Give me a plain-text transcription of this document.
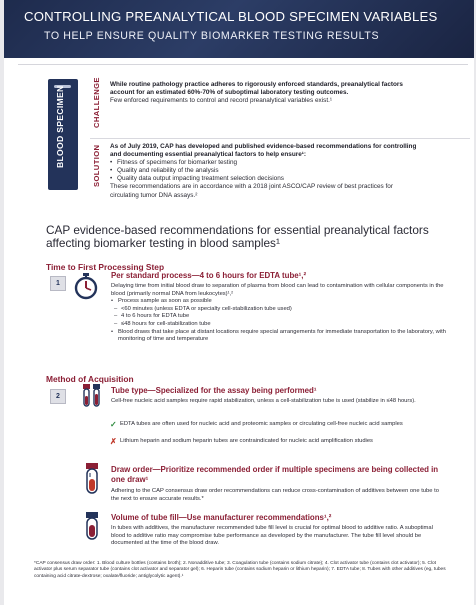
CONTROLLING PREANALYTICAL BLOOD SPECIMEN VARIABLES
TO HELP ENSURE QUALITY BIOMARKER TESTING RESULTS
BLOOD SPECIMEN	CHALLENGE
SOLUTION
While routine pathology practice adheres to rigorously enforced standards, preanalytical factors account for an estimated 60%-70% of suboptimal laboratory testing outcomes.
Few enforced requirements to control and record preanalytical variables exist.¹
As of July 2019, CAP has developed and published evidence-based recommendations for controlling and documenting essential preanalytical factors to help ensure¹:
• Fitness of specimens for biomarker testing
• Quality and reliability of the analysis
• Quality data output impacting treatment selection decisions
These recommendations are in accordance with a 2018 joint ASCO/CAP review of best practices for circulating tumor DNA assays.²
CAP evidence-based recommendations for essential preanalytical factors affecting biomarker testing in blood samples¹
Time to First Processing Step
1
Per standard process—4 to 6 hours for EDTA tube¹,²
Delaying time from initial blood draw to separation of plasma from blood can lead to contamination with cellular components in the blood (primarily normal DNA from leukocytes)¹,²
• Process sample as soon as possible
– <60 minutes (unless EDTA or specialty cell-stabilization tube used)
– 4 to 6 hours for EDTA tube
– ≤48 hours for cell-stabilization tube
• Blood draws that take place at distant locations require special arrangements for immediate transportation to the laboratory, with monitoring of time and temperature
Method of Acquisition
2
Tube type—Specialized for the assay being performed¹
Cell-free nucleic acid samples require rapid stabilization, unless a cell-stabilization tube is used (stabilize in ≤48 hours).
✓ EDTA tubes are often used for nucleic acid and proteomic samples or circulating cell-free nucleic acid samples
✗ Lithium heparin and sodium heparin tubes are contraindicated for nucleic acid amplification studies
Draw order—Prioritize recommended order if multiple specimens are being collected in one draw¹
Adhering to the CAP consensus draw order recommendations can reduce cross-contamination of additives between one tube to the next to ensure accurate results.*
Volume of tube fill—Use manufacturer recommendations¹,²
In tubes with additives, the manufacturer recommended tube fill level is crucial for optimal blood to additive ratio. A suboptimal blood to additive ratio may compromise tube performance as developed by the manufacturer. The tube fill level should be documented at the time of the blood draw.
*CAP consensus draw order: 1. Blood culture bottles (contains broth); 2. Nonadditive tube; 3. Coagulation tube (contains sodium citrate); 4. Clot activator tube (contains clot activator); 5. Clot activator plus serum separator tube (contains clot activator and separator gel); 6. Heparin tube (contains sodium heparin or lithium heparin); 7. EDTA tube; 8. Tubes with other additives (eg, tubes containing acid citrate-dextrose; oxalate/fluoride; antiglycolytic agent).¹
